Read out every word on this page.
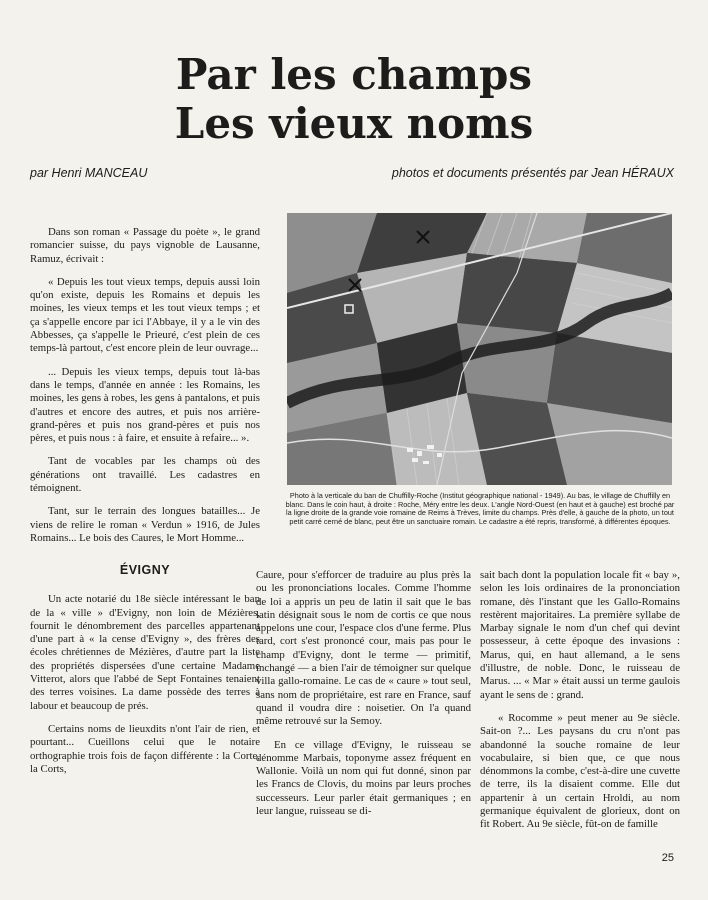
Par les champs
Les vieux noms
par Henri MANCEAU	photos et documents présentés par Jean HÉRAUX

Dans son roman « Passage du poète », le grand romancier suisse, du pays vignoble de Lausanne, Ramuz, écrivait :

« Depuis les tout vieux temps, depuis aussi loin qu'on existe, depuis les Romains et depuis les moines, les vieux temps et les tout vieux temps ; et ça s'appelle encore par ici l'Abbaye, il y a le vin des Abbesses, ça s'appelle le Prieuré, c'est plein de ces temps-là partout, c'est encore plein de leur ouvrage...

... Depuis les vieux temps, depuis tout là-bas dans le temps, d'année en année : les Romains, les moines, les gens à robes, les gens à pantalons, et puis d'autres et encore des autres, et puis nos arrière-grand-pères et puis nos grand-pères et puis nos pères, et puis nous : à faire, et ensuite à refaire... ».

Tant de vocables par les champs où des générations ont travaillé. Les cadastres en témoignent.

Tant, sur le terrain des longues batailles... Je viens de relire le roman « Verdun » 1916, de Jules Romains... Le bois des Caures, le Mort Homme...

ÉVIGNY

Un acte notarié du 18e siècle intéressant le ban de la « ville » d'Evigny, non loin de Mézières, fournit le dénombrement des parcelles appartenant d'une part à « la cense d'Evigny », des frères des écoles chrétiennes de Mézières, d'autre part la liste des propriétés dispersées d'une certaine Madame Vitterot, alors que l'abbé de Sept Fontaines tenaient des terres voisines. La dame possède des terres à labour et beaucoup de prés.

Certains noms de lieuxdits n'ont l'air de rien, et pourtant... Cueillons celui que le notaire orthographie trois fois de façon différente : la Corte, la Corts,

Photo à la verticale du ban de Chuffilly-Roche (Institut géographique national - 1949). Au bas, le village de Chuffilly en blanc. Dans le coin haut, à droite : Roche, Méry entre les deux. L'angle Nord-Ouest (en haut et à gauche) est broché par la ligne droite de la grande voie romaine de Reims à Trèves, limite du champs. Près d'elle, à gauche de la photo, un tout petit carré cerné de blanc, peut être un sanctuaire romain. Le cadastre a été repris, transformé, à différentes époques.

Caure, pour s'efforcer de traduire au plus près la ou les prononciations locales. Comme l'homme de loi a appris un peu de latin il sait que le bas latin désignait sous le nom de cortis ce que nous appelons une cour, l'espace clos d'une ferme. Plus tard, cort s'est prononcé cour, mais pas pour le champ d'Evigny, dont le terme — primitif, inchangé — a bien l'air de témoigner sur quelque villa gallo-romaine. Le cas de « caure » tout seul, sans nom de propriétaire, est rare en France, sauf quand il voudra dire : noisetier. On l'a quand même retrouvé sur la Semoy.

En ce village d'Evigny, le ruisseau se dénomme Marbais, toponyme assez fréquent en Wallonie. Voilà un nom qui fut donné, sinon par les Francs de Clovis, du moins par leurs proches successeurs. Leur parler était germaniques ; en leur langue, ruisseau se di-

sait bach dont la population locale fit « bay », selon les lois ordinaires de la prononciation romane, dès l'instant que les Gallo-Romains restèrent majoritaires. La première syllabe de Marbay signale le nom d'un chef qui devint possesseur, à cette époque des invasions : Marus, qui, en haut allemand, a le sens d'illustre, de noble. Donc, le ruisseau de Marus. ... « Mar » était aussi un terme gaulois ayant le sens de : grand.

« Rocomme » peut mener au 9e siècle. Sait-on ?... Les paysans du cru n'ont pas abandonné la souche romaine de leur vocabulaire, si bien que, ce que nous dénommons la combe, c'est-à-dire une cuvette de terre, ils la disaient comme. Elle dut appartenir à un certain Hroldi, au nom germanique équivalent de glorieux, dont on fit Robert. Au 9e siècle, fût-on de famille

25
